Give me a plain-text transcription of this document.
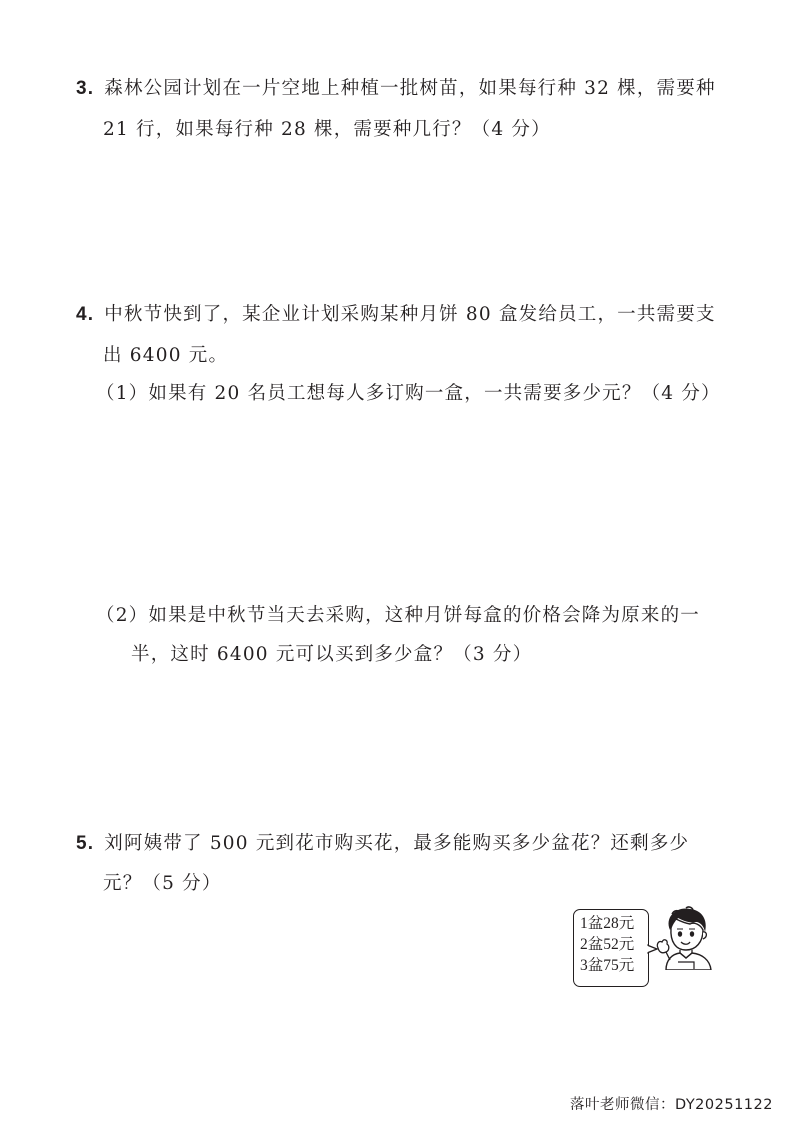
3. 森林公园计划在一片空地上种植一批树苗，如果每行种 32 棵，需要种
21 行，如果每行种 28 棵，需要种几行？（4 分）
4. 中秋节快到了，某企业计划采购某种月饼 80 盒发给员工，一共需要支
出 6400 元。
（1）如果有 20 名员工想每人多订购一盒，一共需要多少元？（4 分）
（2）如果是中秋节当天去采购，这种月饼每盒的价格会降为原来的一
半，这时 6400 元可以买到多少盒？（3 分）
5. 刘阿姨带了 500 元到花市购买花，最多能购买多少盆花？还剩多少
元？（5 分）
1盆28元
2盆52元
3盆75元
落叶老师微信：DY20251122
